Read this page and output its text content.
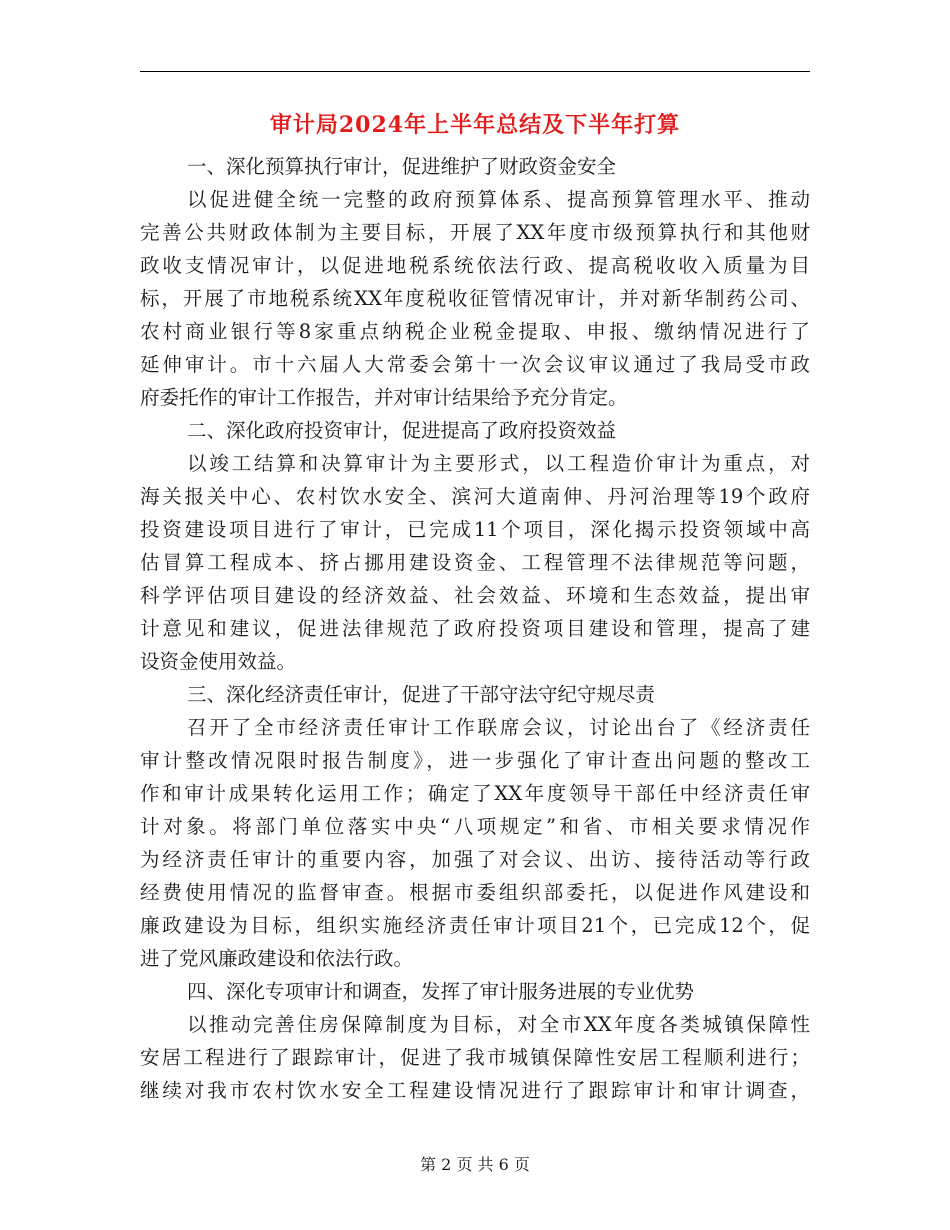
审计局2024年上半年总结及下半年打算
一、深化预算执行审计，促进维护了财政资金安全
以促进健全统一完整的政府预算体系、提高预算管理水平、推动
完善公共财政体制为主要目标，开展了XX年度市级预算执行和其他财
政收支情况审计，以促进地税系统依法行政、提高税收收入质量为目
标，开展了市地税系统XX年度税收征管情况审计，并对新华制药公司、
农村商业银行等8家重点纳税企业税金提取、申报、缴纳情况进行了
延伸审计。市十六届人大常委会第十一次会议审议通过了我局受市政
府委托作的审计工作报告，并对审计结果给予充分肯定。
二、深化政府投资审计，促进提高了政府投资效益
以竣工结算和决算审计为主要形式，以工程造价审计为重点，对
海关报关中心、农村饮水安全、滨河大道南伸、丹河治理等19个政府
投资建设项目进行了审计，已完成11个项目，深化揭示投资领域中高
估冒算工程成本、挤占挪用建设资金、工程管理不法律规范等问题，
科学评估项目建设的经济效益、社会效益、环境和生态效益，提出审
计意见和建议，促进法律规范了政府投资项目建设和管理，提高了建
设资金使用效益。
三、深化经济责任审计，促进了干部守法守纪守规尽责
召开了全市经济责任审计工作联席会议，讨论出台了《经济责任
审计整改情况限时报告制度》，进一步强化了审计查出问题的整改工
作和审计成果转化运用工作；确定了XX年度领导干部任中经济责任审
计对象。将部门单位落实中央“八项规定”和省、市相关要求情况作
为经济责任审计的重要内容，加强了对会议、出访、接待活动等行政
经费使用情况的监督审查。根据市委组织部委托，以促进作风建设和
廉政建设为目标，组织实施经济责任审计项目21个，已完成12个，促
进了党风廉政建设和依法行政。
四、深化专项审计和调查，发挥了审计服务进展的专业优势
以推动完善住房保障制度为目标，对全市XX年度各类城镇保障性
安居工程进行了跟踪审计，促进了我市城镇保障性安居工程顺利进行；
继续对我市农村饮水安全工程建设情况进行了跟踪审计和审计调查，
第 2 页 共 6 页
